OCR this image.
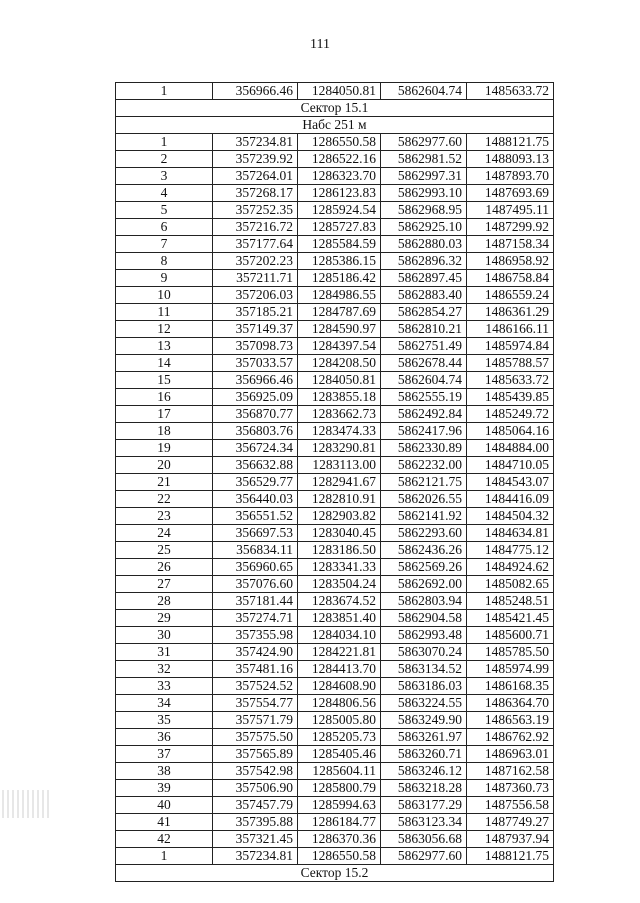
111
1	356966.46	1284050.81	5862604.74	1485633.72
Сектор 15.1				
Набс 251 м				
1	357234.81	1286550.58	5862977.60	1488121.75
2	357239.92	1286522.16	5862981.52	1488093.13
3	357264.01	1286323.70	5862997.31	1487893.70
4	357268.17	1286123.83	5862993.10	1487693.69
5	357252.35	1285924.54	5862968.95	1487495.11
6	357216.72	1285727.83	5862925.10	1487299.92
7	357177.64	1285584.59	5862880.03	1487158.34
8	357202.23	1285386.15	5862896.32	1486958.92
9	357211.71	1285186.42	5862897.45	1486758.84
10	357206.03	1284986.55	5862883.40	1486559.24
11	357185.21	1284787.69	5862854.27	1486361.29
12	357149.37	1284590.97	5862810.21	1486166.11
13	357098.73	1284397.54	5862751.49	1485974.84
14	357033.57	1284208.50	5862678.44	1485788.57
15	356966.46	1284050.81	5862604.74	1485633.72
16	356925.09	1283855.18	5862555.19	1485439.85
17	356870.77	1283662.73	5862492.84	1485249.72
18	356803.76	1283474.33	5862417.96	1485064.16
19	356724.34	1283290.81	5862330.89	1484884.00
20	356632.88	1283113.00	5862232.00	1484710.05
21	356529.77	1282941.67	5862121.75	1484543.07
22	356440.03	1282810.91	5862026.55	1484416.09
23	356551.52	1282903.82	5862141.92	1484504.32
24	356697.53	1283040.45	5862293.60	1484634.81
25	356834.11	1283186.50	5862436.26	1484775.12
26	356960.65	1283341.33	5862569.26	1484924.62
27	357076.60	1283504.24	5862692.00	1485082.65
28	357181.44	1283674.52	5862803.94	1485248.51
29	357274.71	1283851.40	5862904.58	1485421.45
30	357355.98	1284034.10	5862993.48	1485600.71
31	357424.90	1284221.81	5863070.24	1485785.50
32	357481.16	1284413.70	5863134.52	1485974.99
33	357524.52	1284608.90	5863186.03	1486168.35
34	357554.77	1284806.56	5863224.55	1486364.70
35	357571.79	1285005.80	5863249.90	1486563.19
36	357575.50	1285205.73	5863261.97	1486762.92
37	357565.89	1285405.46	5863260.71	1486963.01
38	357542.98	1285604.11	5863246.12	1487162.58
39	357506.90	1285800.79	5863218.28	1487360.73
40	357457.79	1285994.63	5863177.29	1487556.58
41	357395.88	1286184.77	5863123.34	1487749.27
42	357321.45	1286370.36	5863056.68	1487937.94
1	357234.81	1286550.58	5862977.60	1488121.75
Сектор 15.2				
